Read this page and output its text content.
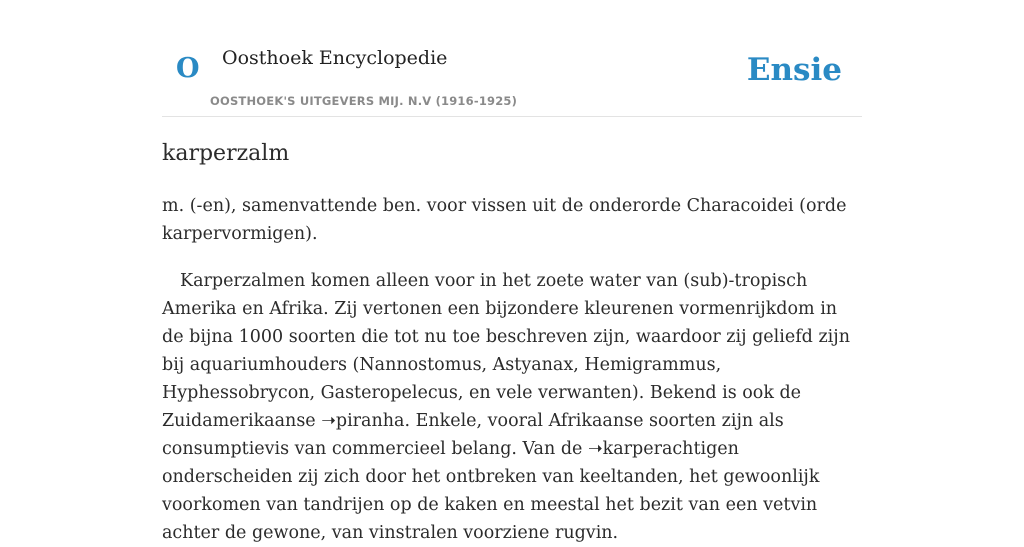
O Oosthoek Encyclopedie
OOSTHOEK'S UITGEVERS MIJ. N.V (1916-1925)
Ensie
karperzalm

m. (-en), samenvattende ben. voor vissen uit de onderorde Characoidei (orde karpervormigen).

Karperzalmen komen alleen voor in het zoete water van (sub)-tropisch Amerika en Afrika. Zij vertonen een bijzondere kleurenen vormenrijkdom in de bijna 1000 soorten die tot nu toe beschreven zijn, waardoor zij geliefd zijn bij aquariumhouders (Nannostomus, Astyanax, Hemigrammus, Hyphessobrycon, Gasteropelecus, en vele verwanten). Bekend is ook de Zuidamerikaanse ➝piranha. Enkele, vooral Afrikaanse soorten zijn als consumptievis van commercieel belang. Van de ➝karperachtigen onderscheiden zij zich door het ontbreken van keeltanden, het gewoonlijk voorkomen van tandrijen op de kaken en meestal het bezit van een vetvin achter de gewone, van vinstralen voorziene rugvin.
